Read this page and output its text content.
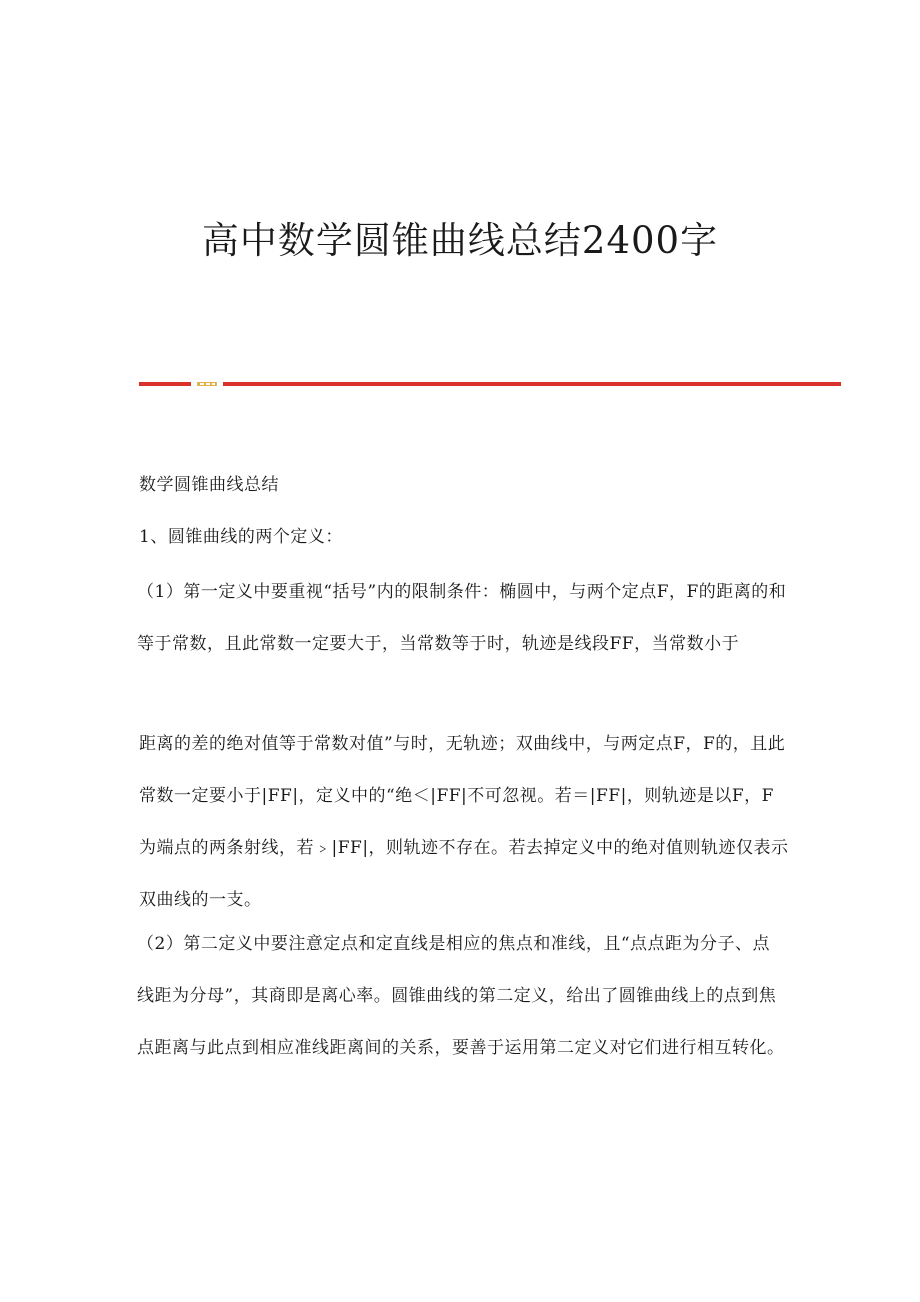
高中数学圆锥曲线总结2400字

数学圆锥曲线总结

1、圆锥曲线的两个定义：

（1）第一定义中要重视“括号”内的限制条件：椭圆中，与两个定点F，F的距离的和等于常数，且此常数一定要大于，当常数等于时，轨迹是线段FF，当常数小于

距离的差的绝对值等于常数对值”与时，无轨迹；双曲线中，与两定点F，F的，且此常数一定要小于|FF|，定义中的“绝＜|FF|不可忽视。若＝|FF|，则轨迹是以F，F为端点的两条射线，若﹥|FF|，则轨迹不存在。若去掉定义中的绝对值则轨迹仅表示双曲线的一支。

（2）第二定义中要注意定点和定直线是相应的焦点和准线，且“点点距为分子、点线距为分母”，其商即是离心率。圆锥曲线的第二定义，给出了圆锥曲线上的点到焦点距离与此点到相应准线距离间的关系，要善于运用第二定义对它们进行相互转化。
